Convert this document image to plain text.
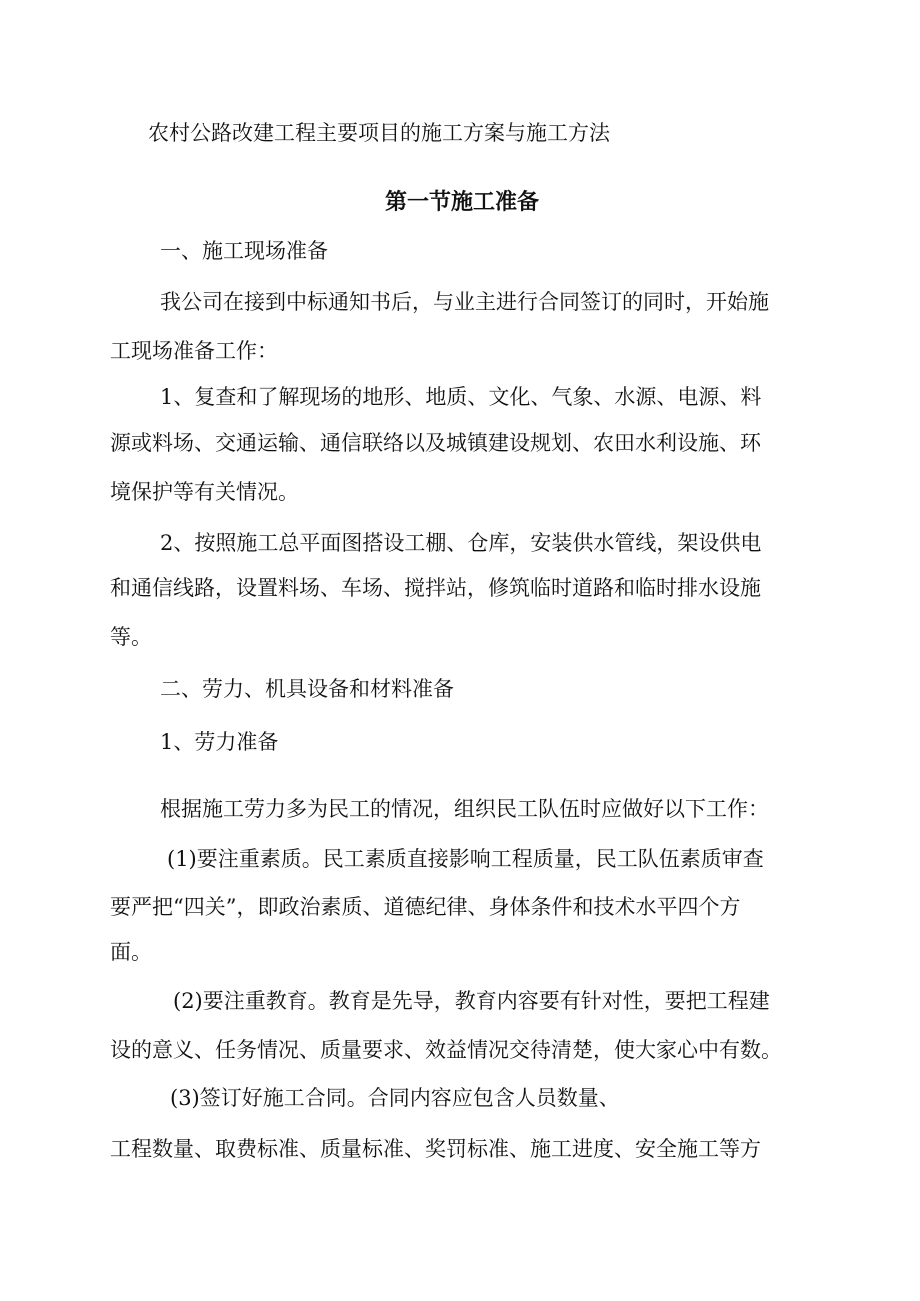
农村公路改建工程主要项目的施工方案与施工方法
第一节施工准备
一、施工现场准备
我公司在接到中标通知书后，与业主进行合同签订的同时，开始施
工现场准备工作：
1、复查和了解现场的地形、地质、文化、气象、水源、电源、料
源或料场、交通运输、通信联络以及城镇建设规划、农田水利设施、环
境保护等有关情况。
2、按照施工总平面图搭设工棚、仓库，安装供水管线，架设供电
和通信线路，设置料场、车场、搅拌站，修筑临时道路和临时排水设施
等。
二、劳力、机具设备和材料准备
1、劳力准备
根据施工劳力多为民工的情况，组织民工队伍时应做好以下工作：
(1)要注重素质。民工素质直接影响工程质量，民工队伍素质审查
要严把“四关”，即政治素质、道德纪律、身体条件和技术水平四个方
面。
(2)要注重教育。教育是先导，教育内容要有针对性，要把工程建
设的意义、任务情况、质量要求、效益情况交待清楚，使大家心中有数。
(3)签订好施工合同。合同内容应包含人员数量、
工程数量、取费标准、质量标准、奖罚标准、施工进度、安全施工等方
